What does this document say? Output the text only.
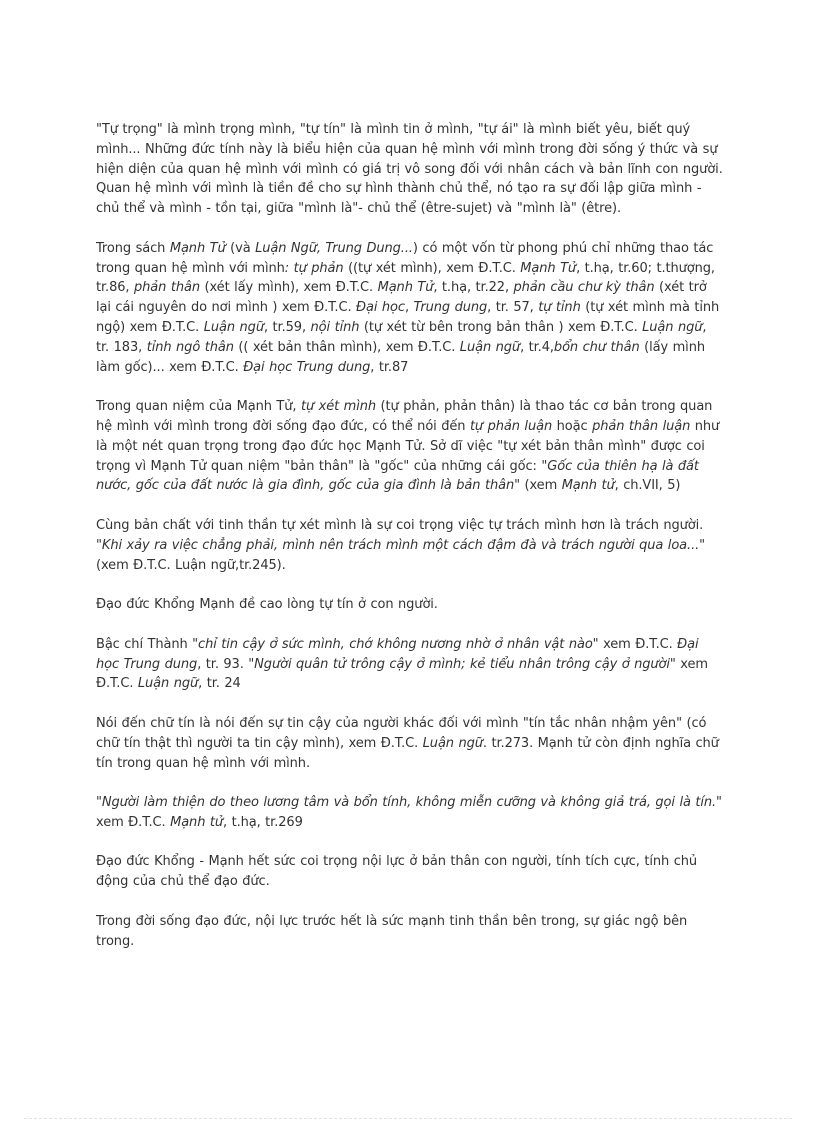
"Tự trọng" là mình trọng mình, "tự tín" là mình tin ở mình, "tự ái" là mình biết yêu, biết quý mình... Những đức tính này là biểu hiện của quan hệ mình với mình trong đời sống ý thức và sự hiện diện của quan hệ mình với mình có giá trị vô song đối với nhân cách và bản lĩnh con người. Quan hệ mình với mình là tiền đề cho sự hình thành chủ thể, nó tạo ra sự đối lập giữa mình - chủ thể và mình - tồn tại, giữa "mình là"- chủ thể (être-sujet) và "mình là" (être).

Trong sách Mạnh Tử (và Luận Ngữ, Trung Dung...) có một vốn từ phong phú chỉ những thao tác trong quan hệ mình với mình: tự phản ((tự xét mình), xem Đ.T.C. Mạnh Tử, t.hạ, tr.60; t.thượng, tr.86, phản thân (xét lấy mình), xem Đ.T.C. Mạnh Tử, t.hạ, tr.22, phản cầu chư kỳ thân (xét trở lại cái nguyên do nơi mình ) xem Đ.T.C. Đại học, Trung dung, tr. 57, tự tỉnh (tự xét mình mà tỉnh ngộ) xem Đ.T.C. Luận ngữ, tr.59, nội tỉnh (tự xét từ bên trong bản thân ) xem Đ.T.C. Luận ngữ, tr. 183, tỉnh ngô thân (( xét bản thân mình), xem Đ.T.C. Luận ngữ, tr.4,bổn chư thân (lấy mình làm gốc)... xem Đ.T.C. Đại học Trung dung, tr.87

Trong quan niệm của Mạnh Tử, tự xét mình (tự phản, phản thân) là thao tác cơ bản trong quan hệ mình với mình trong đời sống đạo đức, có thể nói đến tự phản luận hoặc phản thân luận như là một nét quan trọng trong đạo đức học Mạnh Tử. Sở dĩ việc "tự xét bản thân mình" được coi trọng vì Mạnh Tử quan niệm "bản thân" là "gốc" của những cái gốc: "Gốc của thiên hạ là đất nước, gốc của đất nước là gia đình, gốc của gia đình là bản thân" (xem Mạnh tử, ch.VII, 5)

Cùng bản chất với tinh thần tự xét mình là sự coi trọng việc tự trách mình hơn là trách người. "Khi xảy ra việc chẳng phải, mình nên trách mình một cách đậm đà và trách người qua loa..." (xem Đ.T.C. Luận ngữ,tr.245).

Đạo đức Khổng Mạnh đề cao lòng tự tín ở con người.

Bậc chí Thành "chỉ tin cậy ở sức mình, chớ không nương nhờ ở nhân vật nào" xem Đ.T.C. Đại học Trung dung, tr. 93. "Người quân tử trông cậy ở mình; kẻ tiểu nhân trông cậy ở người" xem Đ.T.C. Luận ngữ, tr. 24

Nói đến chữ tín là nói đến sự tin cậy của người khác đối với mình "tín tắc nhân nhậm yên" (có chữ tín thật thì người ta tin cậy mình), xem Đ.T.C. Luận ngữ. tr.273. Mạnh tử còn định nghĩa chữ tín trong quan hệ mình với mình.

"Người làm thiện do theo lương tâm và bổn tính, không miễn cưỡng và không giả trá, gọi là tín." xem Đ.T.C. Mạnh tử, t.hạ, tr.269

Đạo đức Khổng - Mạnh hết sức coi trọng nội lực ở bản thân con người, tính tích cực, tính chủ động của chủ thể đạo đức.

Trong đời sống đạo đức, nội lực trước hết là sức mạnh tinh thần bên trong, sự giác ngộ bên trong.
